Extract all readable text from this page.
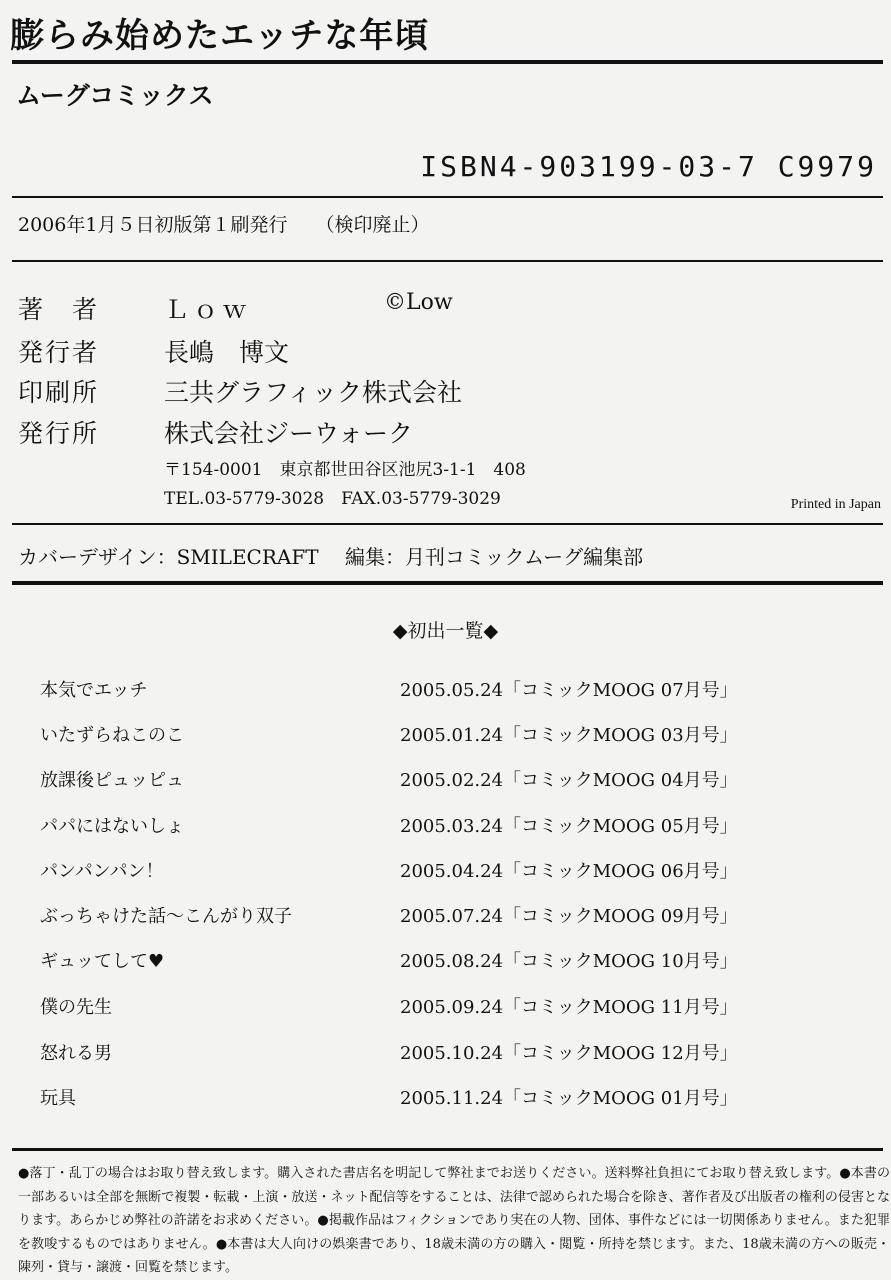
膨らみ始めたエッチな年頃
ムーグコミックス
ISBN4-903199-03-7 C9979
2006年1月５日初版第１刷発行 （検印廃止）
著　者	Ｌｏｗ	©Low
発行者	長嶋　博文
印刷所	三共グラフィック株式会社
発行所	株式会社ジーウォーク
〒154-0001　東京都世田谷区池尻3-1-1　408
TEL.03-5779-3028　FAX.03-5779-3029	Printed in Japan
カバーデザイン：SMILECRAFT　 編集：月刊コミックムーグ編集部
◆初出一覧◆
本気でエッチ	2005.05.24「コミックMOOG 07月号」
いたずらねこのこ	2005.01.24「コミックMOOG 03月号」
放課後ピュッピュ	2005.02.24「コミックMOOG 04月号」
パパにはないしょ	2005.03.24「コミックMOOG 05月号」
パンパンパン！	2005.04.24「コミックMOOG 06月号」
ぶっちゃけた話～こんがり双子	2005.07.24「コミックMOOG 09月号」
ギュッてして♥	2005.08.24「コミックMOOG 10月号」
僕の先生	2005.09.24「コミックMOOG 11月号」
怒れる男	2005.10.24「コミックMOOG 12月号」
玩具	2005.11.24「コミックMOOG 01月号」
●落丁・乱丁の場合はお取り替え致します。購入された書店名を明記して弊社までお送りください。送料弊社負担にてお取り替え致します。●本書の一部あるいは全部を無断で複製・転載・上演・放送・ネット配信等をすることは、法律で認められた場合を除き、著作者及び出版者の権利の侵害となります。あらかじめ弊社の許諾をお求めください。●掲載作品はフィクションであり実在の人物、団体、事件などには一切関係ありません。また犯罪を教唆するものではありません。●本書は大人向けの娯楽書であり、18歳未満の方の購入・閲覧・所持を禁じます。また、18歳未満の方への販売・陳列・貸与・譲渡・回覧を禁じます。
